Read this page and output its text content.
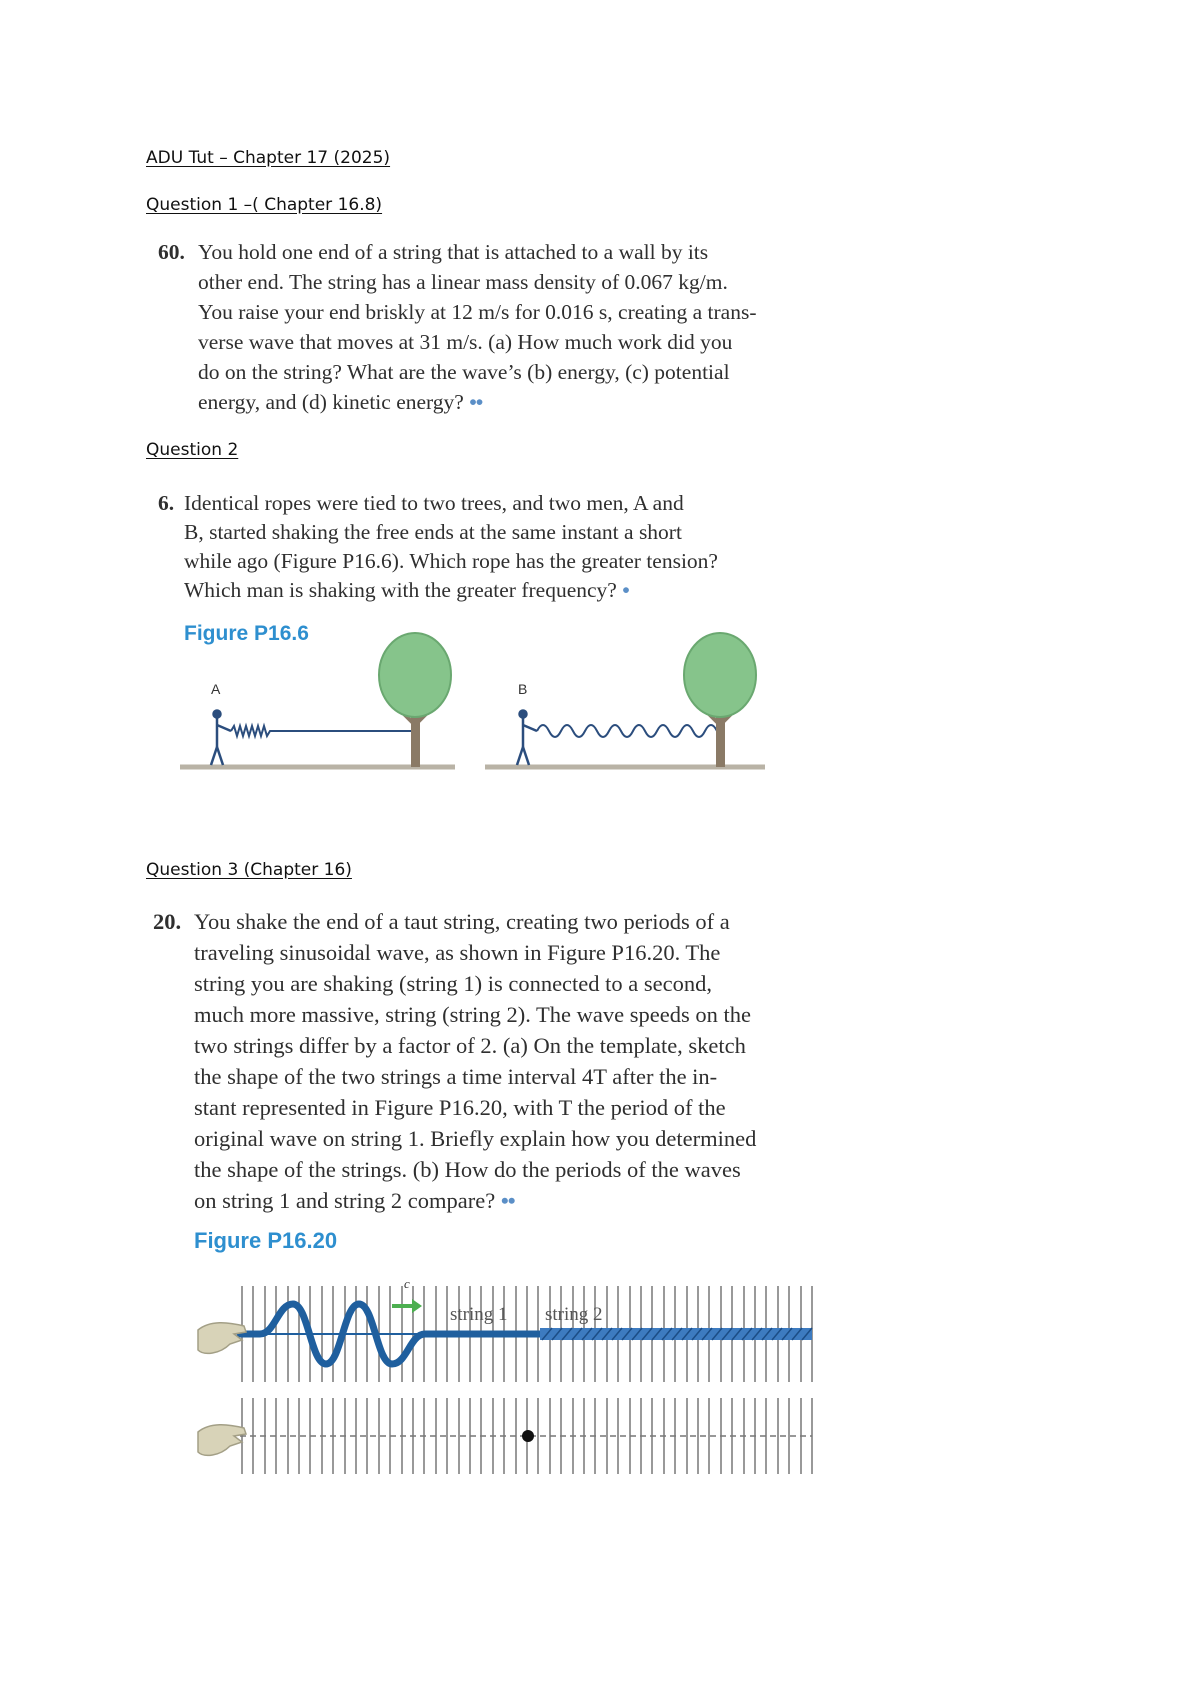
ADU Tut – Chapter 17 (2025)
Question 1 –( Chapter 16.8)
60. You hold one end of a string that is attached to a wall by its
other end. The string has a linear mass density of 0.067 kg/m.
You raise your end briskly at 12 m/s for 0.016 s, creating a trans-
verse wave that moves at 31 m/s. (a) How much work did you
do on the string? What are the wave’s (b) energy, (c) potential
energy, and (d) kinetic energy? ••
Question 2
6. Identical ropes were tied to two trees, and two men, A and
B, started shaking the free ends at the same instant a short
while ago (Figure P16.6). Which rope has the greater tension?
Which man is shaking with the greater frequency? •
Figure P16.6
A	B
Question 3 (Chapter 16)
20. You shake the end of a taut string, creating two periods of a
traveling sinusoidal wave, as shown in Figure P16.20. The
string you are shaking (string 1) is connected to a second,
much more massive, string (string 2). The wave speeds on the
two strings differ by a factor of 2. (a) On the template, sketch
the shape of the two strings a time interval 4T after the in-
stant represented in Figure P16.20, with T the period of the
original wave on string 1. Briefly explain how you determined
the shape of the strings. (b) How do the periods of the waves
on string 1 and string 2 compare? ••
Figure P16.20
c
string 1 string 2
